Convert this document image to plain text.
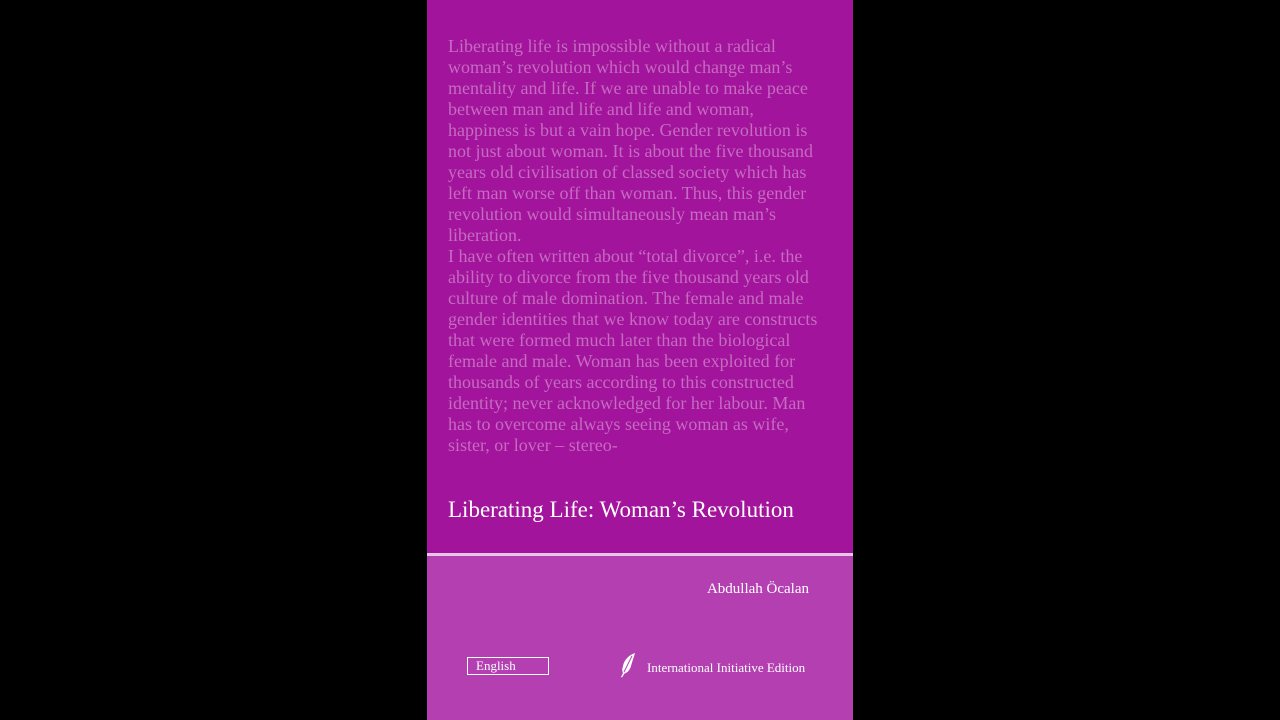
Liberating life is impossible without a radical woman’s revolution which would change man’s mentality and life. If we are unable to make peace between man and life and life and woman, happiness is but a vain hope. Gender revolution is not just about woman. It is about the five thousand years old civilisation of classed society which has left man worse off than woman. Thus, this gender revolution would simultaneously mean man’s liberation.

I have often written about “total divorce”, i.e. the ability to divorce from the five thousand years old culture of male domination. The female and male gender identities that we know today are constructs that were formed much later than the biological female and male. Woman has been exploited for thousands of years according to this constructed identity; never acknowledged for her labour. Man has to overcome always seeing woman as wife, sister, or lover – stereo-

Liberating Life: Woman’s Revolution
Abdullah Öcalan
English	International Initiative Edition
